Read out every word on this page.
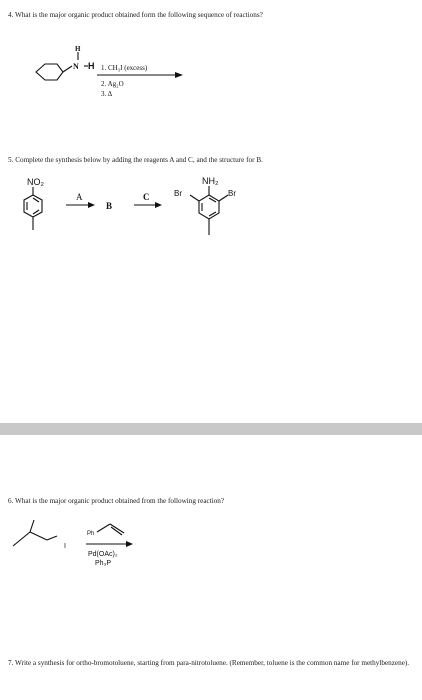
4. What is the major organic product obtained form the following sequence of reactions?
5. Complete the synthesis below by adding the reagents A and C, and the structure for B.
6. What is the major organic product obtained from the following reaction?
7. Write a synthesis for ortho-bromotoluene, starting from para-nitrotoluene. (Remember, toluene is the common name for methylbenzene).
H
N H 1. CH₃I (excess)
2. Ag₂O
3. Δ
NO₂
A
B
C
NH₂
Br	Br
I
Ph
Pd(OAc)₂
Ph₃P
